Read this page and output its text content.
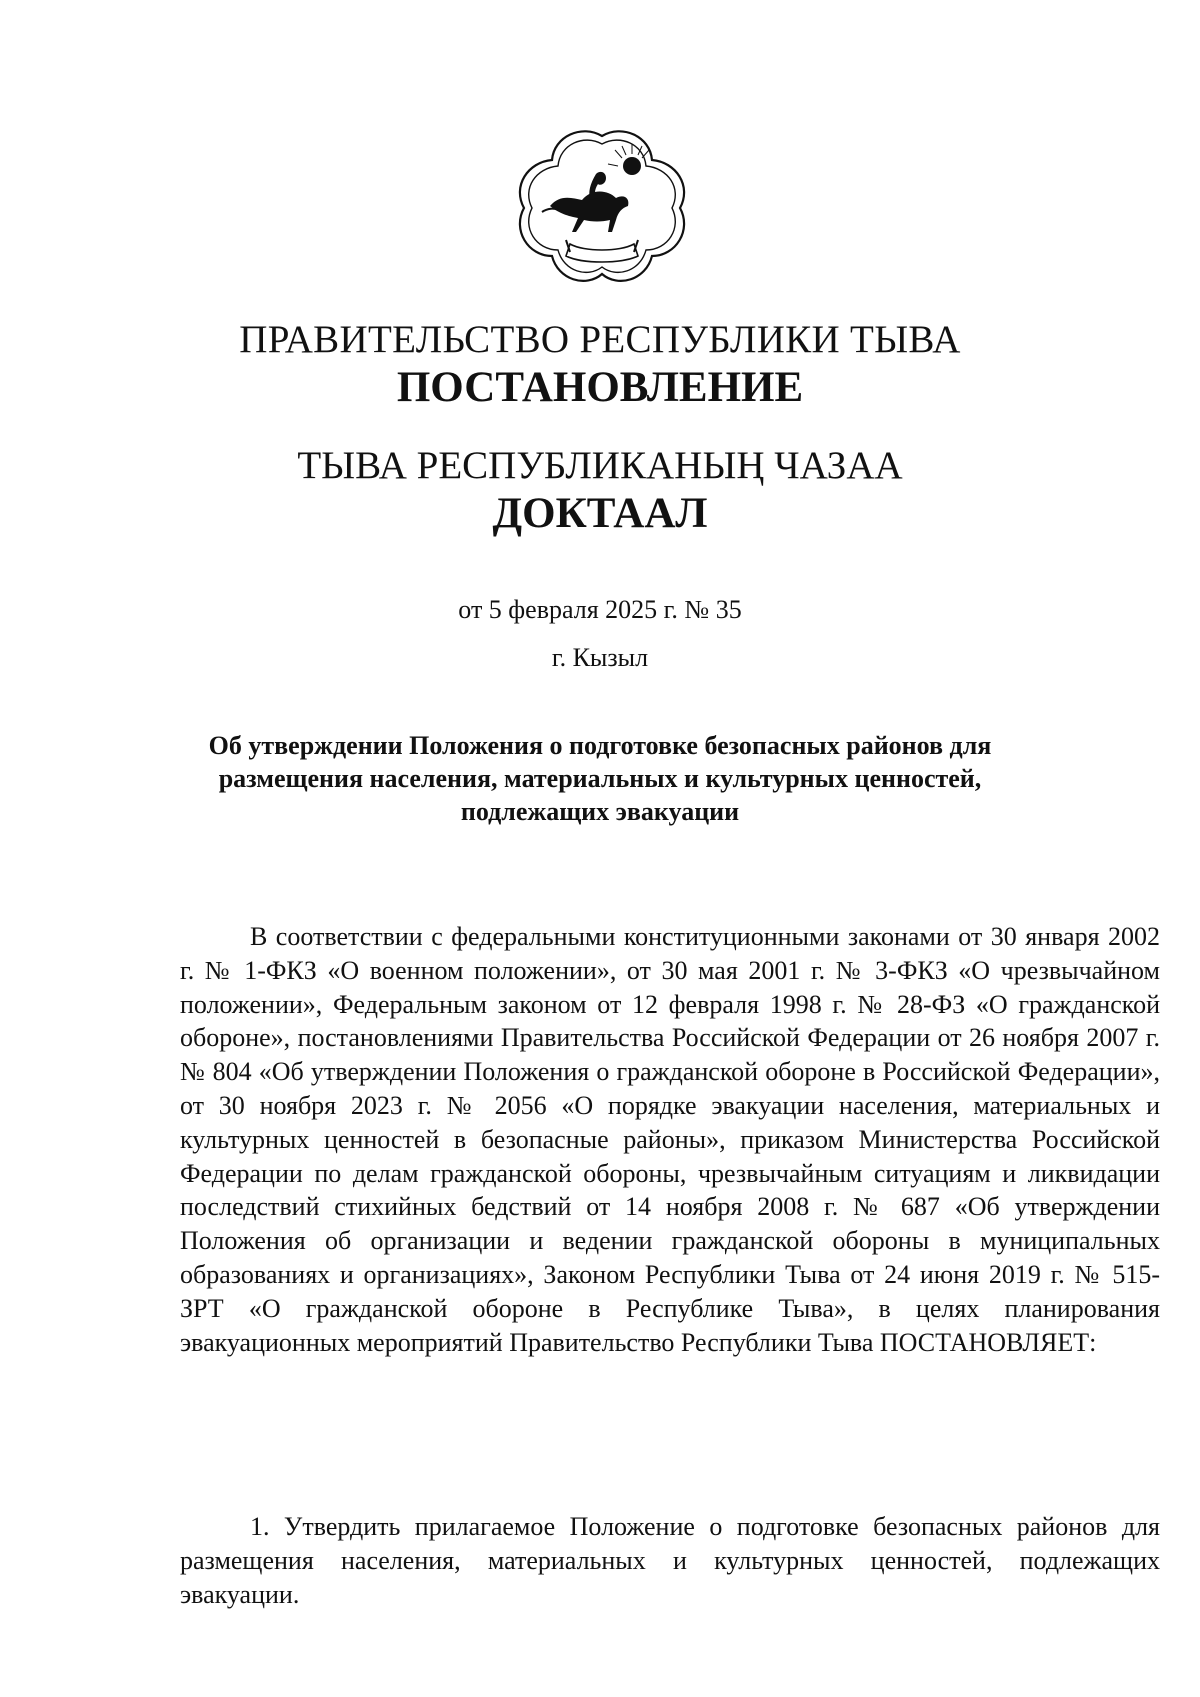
ПРАВИТЕЛЬСТВО РЕСПУБЛИКИ ТЫВА
ПОСТАНОВЛЕНИЕ
ТЫВА РЕСПУБЛИКАНЫҢ ЧАЗАА
ДОКТААЛ
от 5 февраля 2025 г. № 35
г. Кызыл
Об утверждении Положения о подготовке безопасных районов для размещения населения, материальных и культурных ценностей, подлежащих эвакуации

В соответствии с федеральными конституционными законами от 30 января 2002 г. № 1-ФКЗ «О военном положении», от 30 мая 2001 г. № 3-ФКЗ «О чрезвычайном положении», Федеральным законом от 12 февраля 1998 г. № 28-ФЗ «О гражданской обороне», постановлениями Правительства Российской Федерации от 26 ноября 2007 г. № 804 «Об утверждении Положения о гражданской обороне в Российской Федерации», от 30 ноября 2023 г. № 2056 «О порядке эвакуации населения, материальных и культурных ценностей в безопасные районы», приказом Министерства Российской Федерации по делам гражданской обороны, чрезвычайным ситуациям и ликвидации последствий стихийных бедствий от 14 ноября 2008 г. № 687 «Об утверждении Положения об организации и ведении гражданской обороны в муниципальных образованиях и организациях», Законом Республики Тыва от 24 июня 2019 г. № 515-ЗРТ «О гражданской обороне в Республике Тыва», в целях планирования эвакуационных мероприятий Правительство Республики Тыва ПОСТАНОВЛЯЕТ:

1. Утвердить прилагаемое Положение о подготовке безопасных районов для размещения населения, материальных и культурных ценностей, подлежащих эвакуации.
